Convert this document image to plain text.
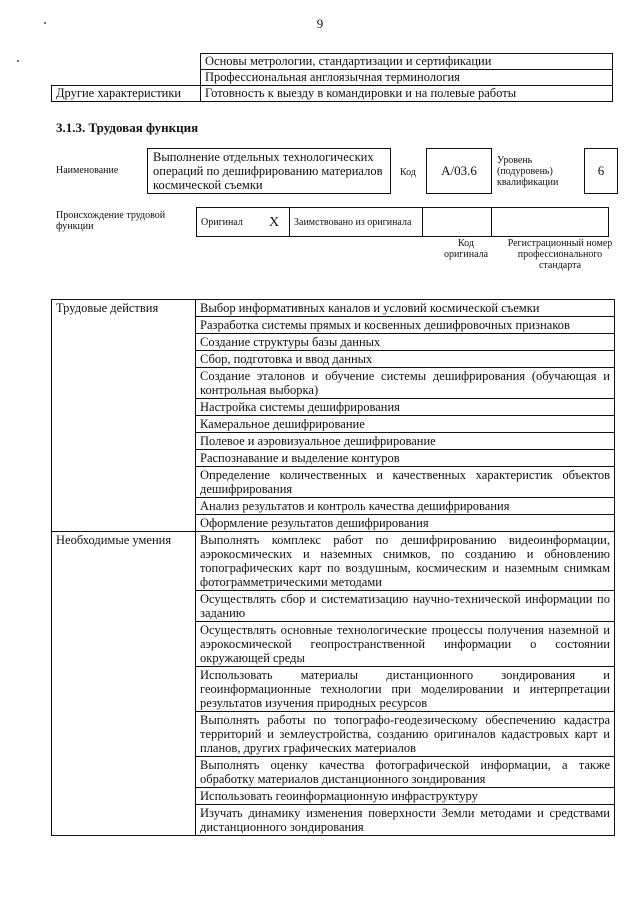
9
	Основы метрологии, стандартизации и сертификации
	Профессиональная англоязычная терминология
Другие характеристики	Готовность к выезду в командировки и на полевые работы
3.1.3. Трудовая функция
Наименование
Выполнение отдельных технологических операций по дешифрированию материалов космической съемки
Код	A/03.6
Уровень (подуровень) квалификации
6
Происхождение трудовой функции	Оригинал	X	Заимствовано из оригинала		
Код оригинала
Регистрационный номер профессионального стандарта
Трудовые действия	Выбор информативных каналов и условий космической съемки
	Разработка системы прямых и косвенных дешифровочных признаков
	Создание структуры базы данных
	Сбор, подготовка и ввод данных
	Создание эталонов и обучение системы дешифрирования (обучающая и контрольная выборка)
	Настройка системы дешифрирования
	Камеральное дешифрирование
	Полевое и аэровизуальное дешифрирование
	Распознавание и выделение контуров
	Определение количественных и качественных характеристик объектов дешифрирования
	Анализ результатов и контроль качества дешифрирования
	Оформление результатов дешифрирования
Необходимые умения	Выполнять комплекс работ по дешифрированию видеоинформации, аэрокосмических и наземных снимков, по созданию и обновлению топографических карт по воздушным, космическим и наземным снимкам фотограмметрическими методами
	Осуществлять сбор и систематизацию научно-технической информации по заданию
	Осуществлять основные технологические процессы получения наземной и аэрокосмической геопространственной информации о состоянии окружающей среды
	Использовать материалы дистанционного зондирования и геоинформационные технологии при моделировании и интерпретации результатов изучения природных ресурсов
	Выполнять работы по топографо-геодезическому обеспечению кадастра территорий и землеустройства, созданию оригиналов кадастровых карт и планов, других графических материалов
	Выполнять оценку качества фотографической информации, а также обработку материалов дистанционного зондирования
	Использовать геоинформационную инфраструктуру
	Изучать динамику изменения поверхности Земли методами и средствами дистанционного зондирования
